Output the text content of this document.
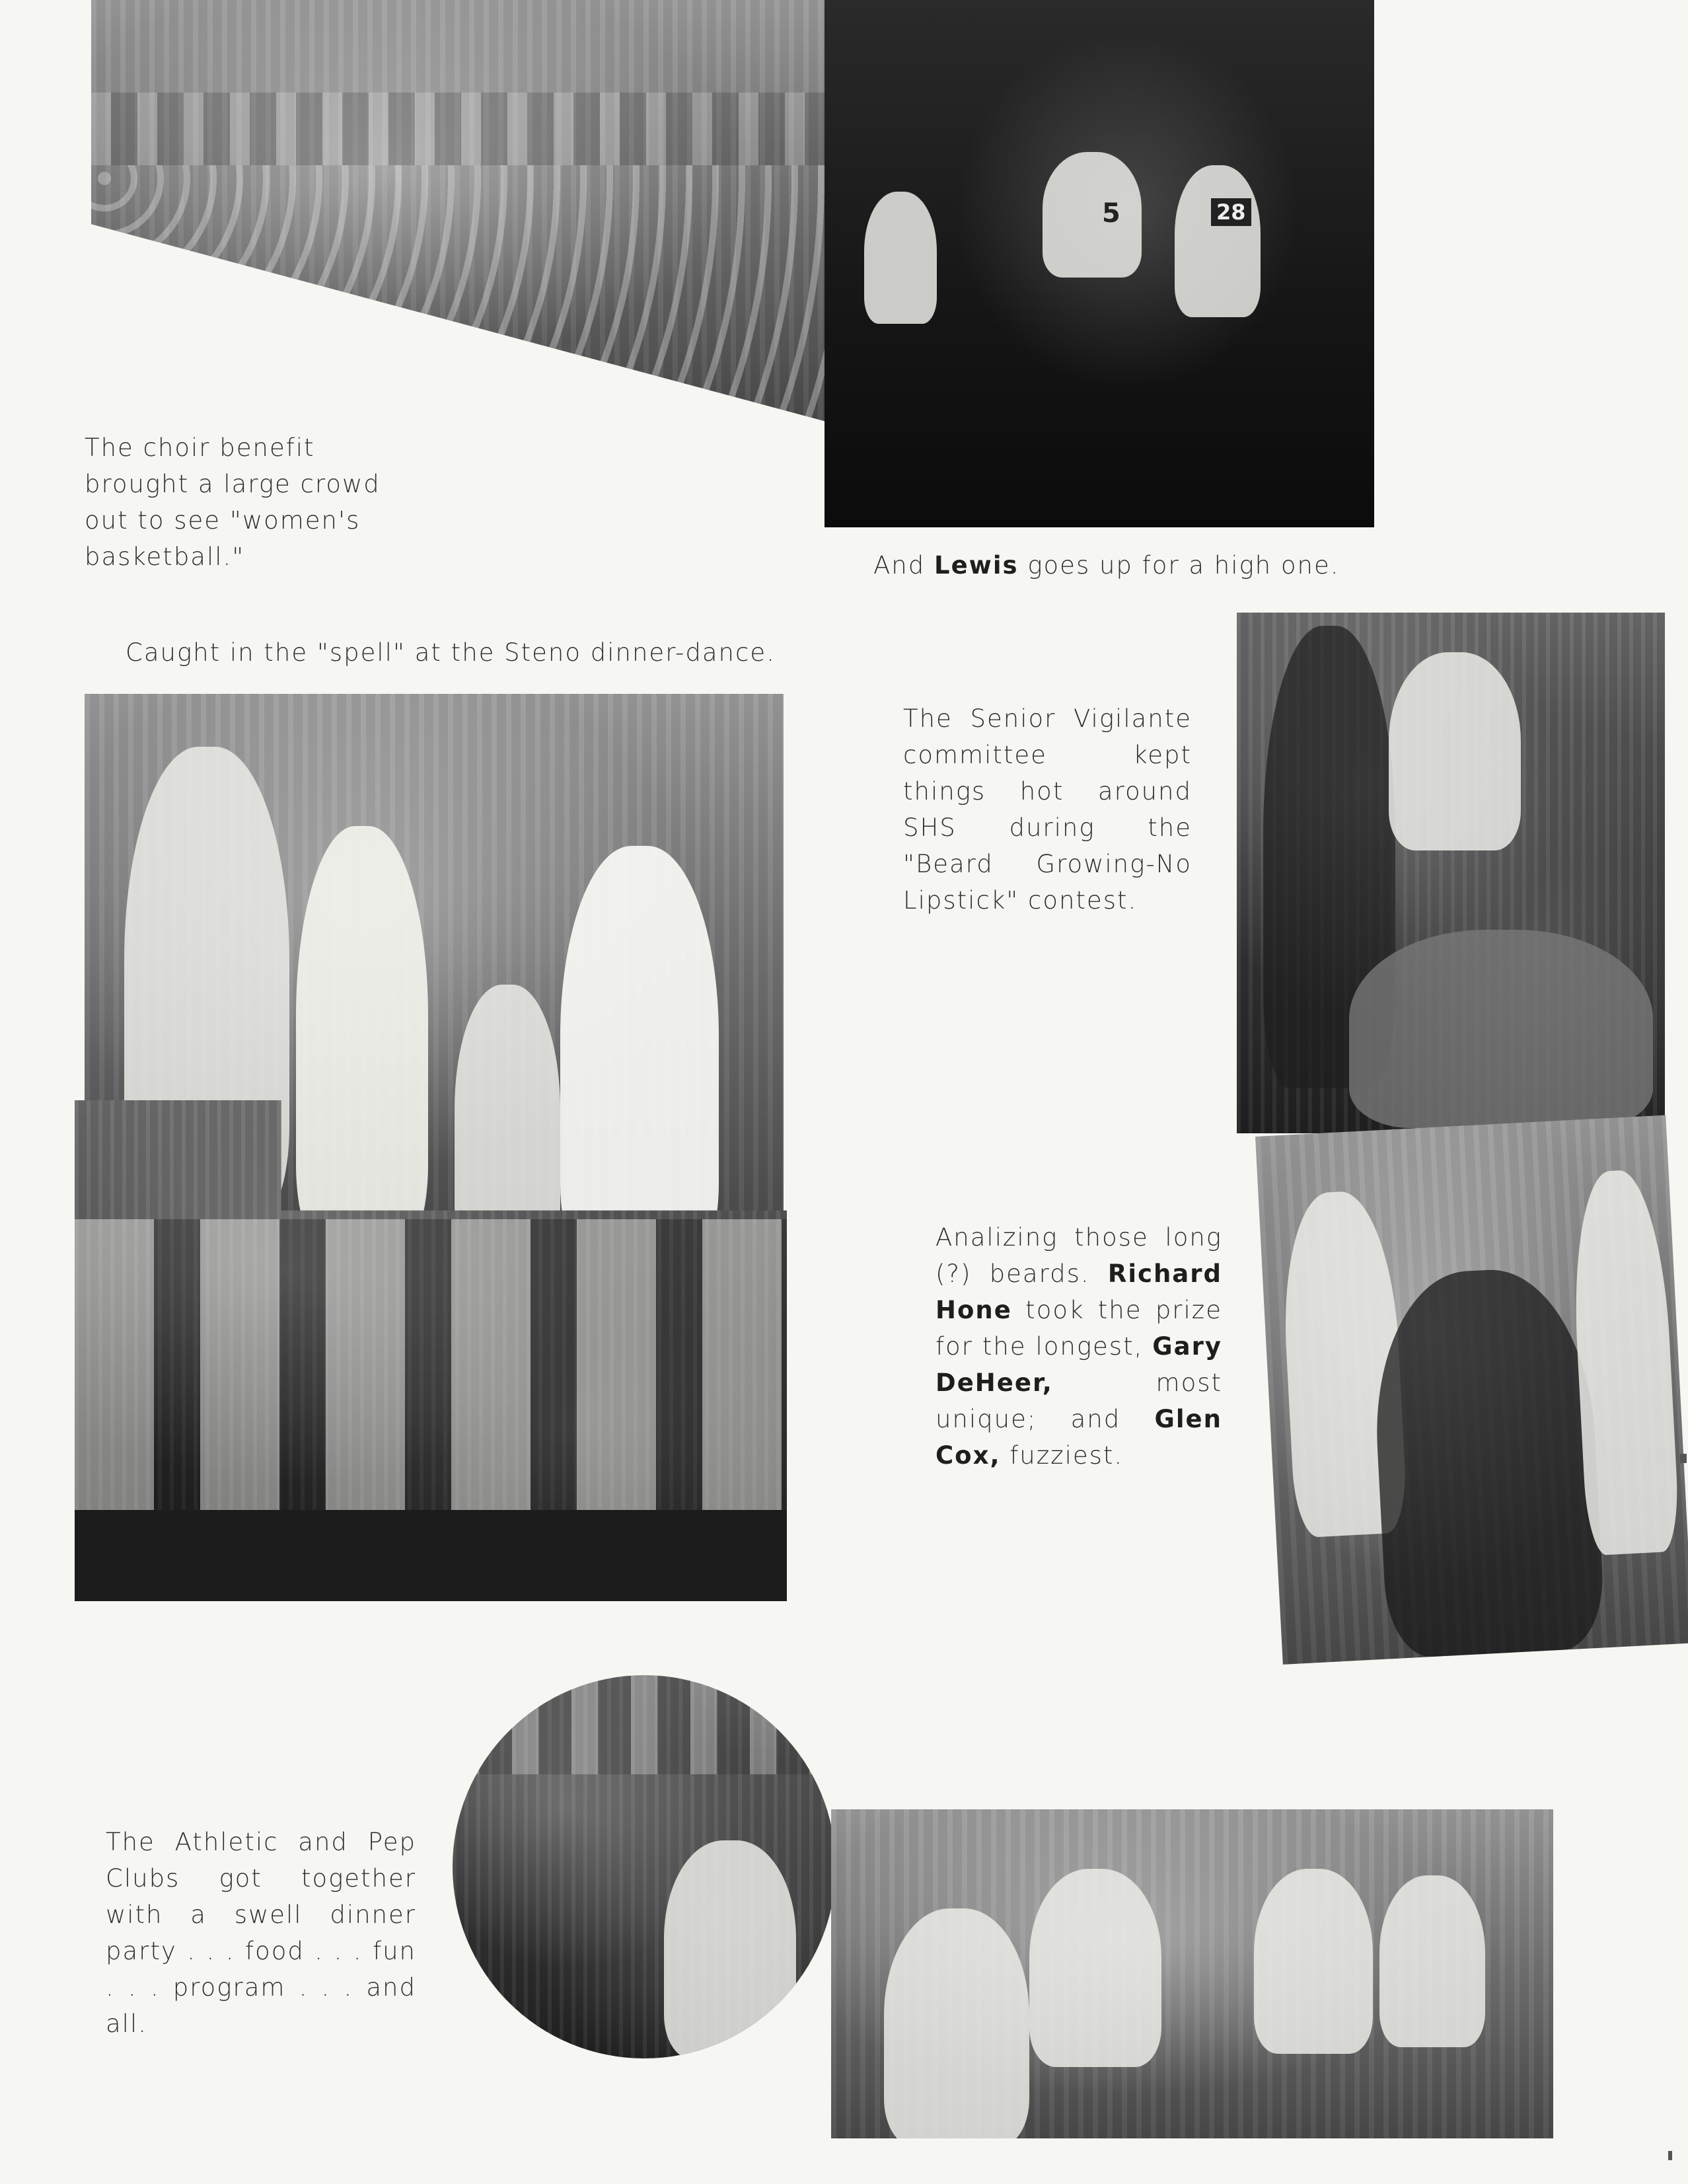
5	28
The choir benefit brought a large crowd out to see "women's basketball."	And Lewis goes up for a high one.
Caught in the "spell" at the Steno dinner-dance.
The Senior Vigilante committee kept things hot around SHS during the "Beard Growing-No Lipstick" contest.
Analizing those long (?) beards. Richard Hone took the prize for the longest, Gary DeHeer, most unique; and Glen Cox, fuzziest.
The Athletic and Pep Clubs got together with a swell dinner party . . . food . . . fun . . . program . . . and all.
